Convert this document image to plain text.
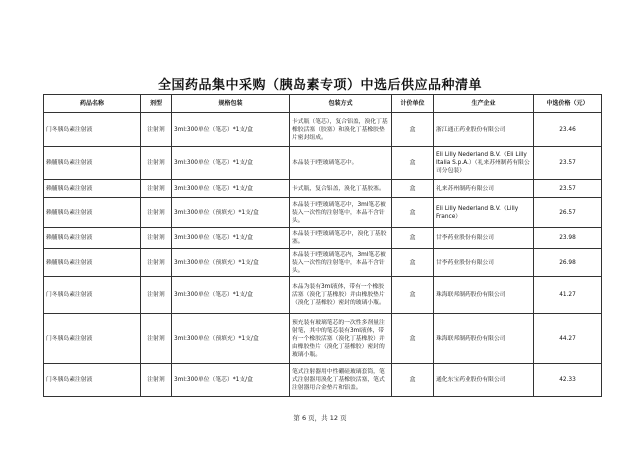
全国药品集中采购（胰岛素专项）中选后供应品种清单
药品名称	剂型	规格包装	包装方式	计价单位	生产企业	中选价格（元）
门冬胰岛素注射液	注射剂	3ml:300单位（笔芯）*1支/盒	卡式瓶（笔芯），复合铝盖，溴化丁基橡胶活塞（胶塞）和溴化丁基橡胶垫片密封组成。	盒	浙江通正药业股份有限公司	23.46
赖脯胰岛素注射液	注射剂	3ml:300单位（笔芯）*1支/盒	本品装于Ⅰ型玻璃笔芯中。	盒	Eli Lilly Nederland B.V.（Eli Lilly Italia S.p.A.）（礼来苏州制药有限公司分包装）	23.57
赖脯胰岛素注射液	注射剂	3ml:300单位（笔芯）*1支/盒	卡式瓶，复合铝盖，溴化丁基胶塞。	盒	礼来苏州制药有限公司	23.57
赖脯胰岛素注射液	注射剂	3ml:300单位（预填充）*1支/盒	本品装于Ⅰ型玻璃笔芯中，3ml笔芯被装入一次性的注射笔中，本品不含针头。	盒	Eli Lilly Nederland B.V.（Lilly France）	26.57
赖脯胰岛素注射液	注射剂	3ml:300单位（笔芯）*1支/盒	本品装于Ⅰ型玻璃笔芯中，溴化丁基胶塞。	盒	甘李药业股份有限公司	23.98
赖脯胰岛素注射液	注射剂	3ml:300单位（预填充）*1支/盒	本品装于Ⅰ型玻璃笔芯内，3ml笔芯被装入一次性的注射笔中，本品不含针头。	盒	甘李药业股份有限公司	26.98
门冬胰岛素注射液	注射剂	3ml:300单位（笔芯）*1支/盒	本品为装有3ml液体，带有一个橡胶活塞（溴化丁基橡胶）并由橡胶垫片（溴化丁基橡胶）密封的玻璃小瓶。	盒	珠海联邦制药股份有限公司	41.27
门冬胰岛素注射液	注射剂	3ml:300单位（预填充）*1支/盒	预充装有玻璃笔芯的一次性多剂量注射笔，其中的笔芯装有3ml液体，带有一个橡胶活塞（溴化丁基橡胶）并由橡胶垫片（溴化丁基橡胶）密封的玻璃小瓶。	盒	珠海联邦制药股份有限公司	44.27
门冬胰岛素注射液	注射剂	3ml:300单位（笔芯）*1支/盒	笔式注射器用中性硼硅玻璃套筒，笔式注射器用溴化丁基橡胶活塞，笔式注射器用合金垫片和铝盖。	盒	通化东宝药业股份有限公司	42.33
第 6 页，共 12 页
